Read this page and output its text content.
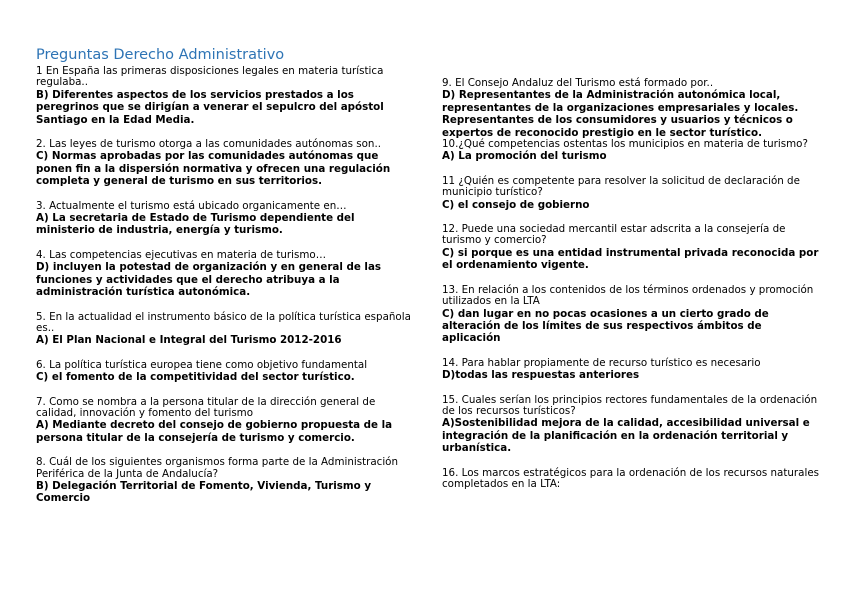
Preguntas Derecho Administrativo

1 En España las primeras disposiciones legales en materia turística regulaba..

B) Diferentes aspectos de los servicios prestados a los peregrinos que se dirigían a venerar el sepulcro del apóstol Santiago en la Edad Media.

2. Las leyes de turismo otorga a las comunidades autónomas son..

C) Normas aprobadas por las comunidades autónomas que ponen fin a la dispersión normativa y ofrecen una regulación completa y general de turismo en sus territorios.

3. Actualmente el turismo está ubicado organicamente en…

A) La secretaria de Estado de Turismo dependiente del ministerio de industria, energía y turismo.

4. Las competencias ejecutivas en materia de turismo…

D) incluyen la potestad de organización y en general de las funciones y actividades que el derecho atribuya a la administración turística autonómica.

5. En la actualidad el instrumento básico de la política turística española es..

A) El Plan Nacional e Integral del Turismo 2012-2016

6. La política turística europea tiene como objetivo fundamental

C) el fomento de la competitividad del sector turístico.

7. Como se nombra a la persona titular de la dirección general de calidad, innovación y fomento del turismo

A) Mediante decreto del consejo de gobierno propuesta de la persona titular de la consejería de turismo y comercio.

8. Cuál de los siguientes organismos forma parte de la Administración Periférica de la Junta de Andalucía?

B) Delegación Territorial de Fomento, Vivienda, Turismo y Comercio

9. El Consejo Andaluz del Turismo está formado por..

D) Representantes de la Administración autonómica local, representantes de la organizaciones empresariales y locales. Representantes de los consumidores y usuarios y técnicos o expertos de reconocido prestigio en le sector turístico.

10.¿Qué competencias ostentas los municipios en materia de turismo?

A) La promoción del turismo

11 ¿Quién es competente para resolver la solicitud de declaración de municipio turístico?

C) el consejo de gobierno

12. Puede una sociedad mercantil estar adscrita a la consejería de turismo y comercio?

C) si porque es una entidad instrumental privada reconocida por el ordenamiento vigente.

13. En relación a los contenidos de los términos ordenados y promoción utilizados en la LTA

C) dan lugar en no pocas ocasiones a un cierto grado de alteración de los límites de sus respectivos ámbitos de aplicación

14. Para hablar propiamente de recurso turístico es necesario

D)todas las respuestas anteriores

15. Cuales serían los principios rectores fundamentales de la ordenación de los recursos turísticos?

A)Sostenibilidad mejora de la calidad, accesibilidad universal e integración de la planificación en la ordenación territorial y urbanística.

16. Los marcos estratégicos para la ordenación de los recursos naturales completados en la LTA:
